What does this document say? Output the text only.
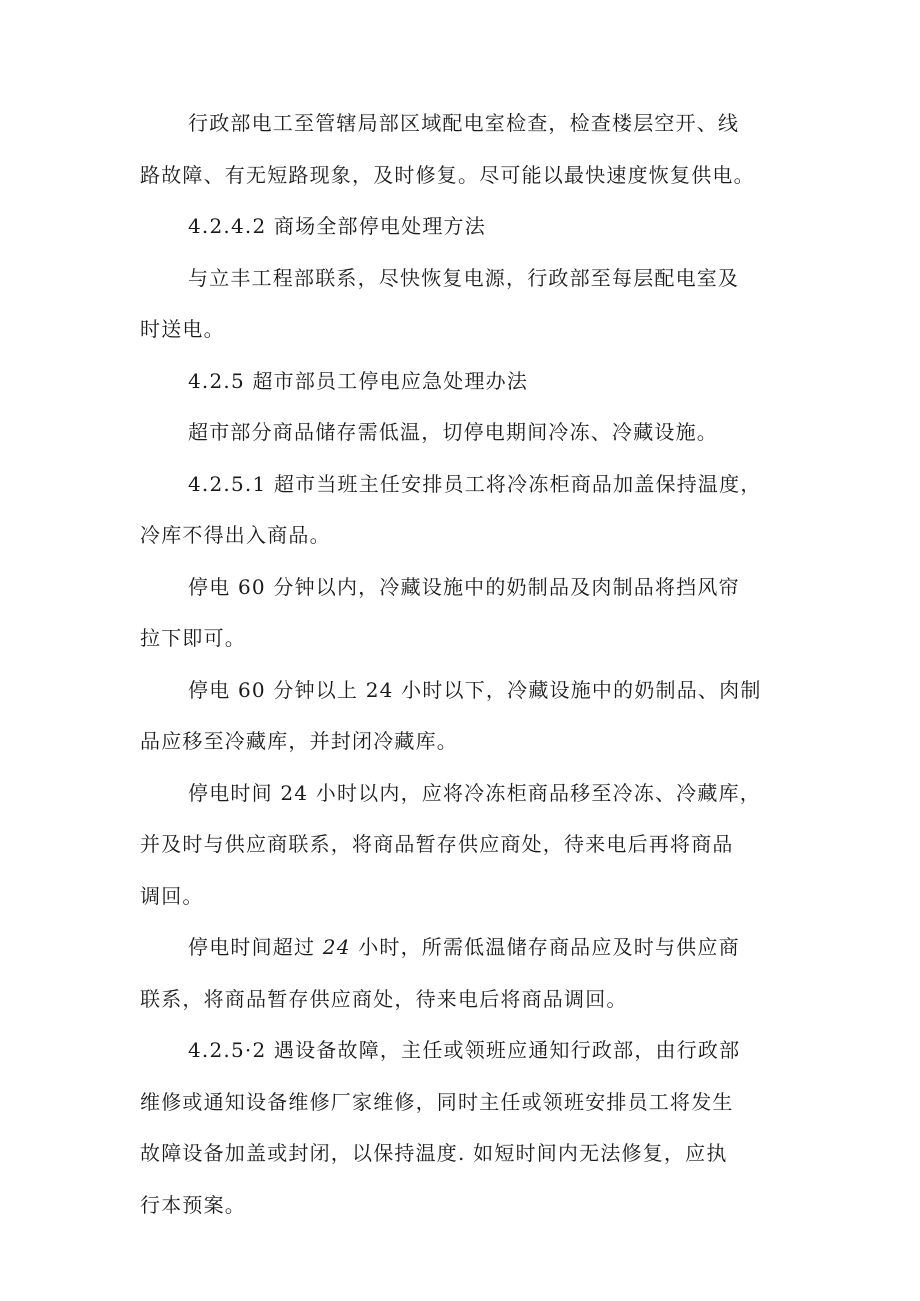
行政部电工至管辖局部区域配电室检查，检查楼层空开、线
路故障、有无短路现象，及时修复。尽可能以最快速度恢复供电。
4.2.4.2 商场全部停电处理方法
与立丰工程部联系，尽快恢复电源，行政部至每层配电室及
时送电。
4.2.5 超市部员工停电应急处理办法
超市部分商品储存需低温，切停电期间冷冻、冷藏设施。
4.2.5.1 超市当班主任安排员工将冷冻柜商品加盖保持温度，
冷库不得出入商品。
停电 60 分钟以内，冷藏设施中的奶制品及肉制品将挡风帘
拉下即可。
停电 60 分钟以上 24 小时以下，冷藏设施中的奶制品、肉制
品应移至冷藏库，并封闭冷藏库。
停电时间 24 小时以内，应将冷冻柜商品移至冷冻、冷藏库，
并及时与供应商联系，将商品暂存供应商处，待来电后再将商品
调回。
停电时间超过 24 小时，所需低温储存商品应及时与供应商
联系，将商品暂存供应商处，待来电后将商品调回。
4.2.5·2 遇设备故障，主任或领班应通知行政部，由行政部
维修或通知设备维修厂家维修，同时主任或领班安排员工将发生
故障设备加盖或封闭，以保持温度. 如短时间内无法修复，应执
行本预案。
